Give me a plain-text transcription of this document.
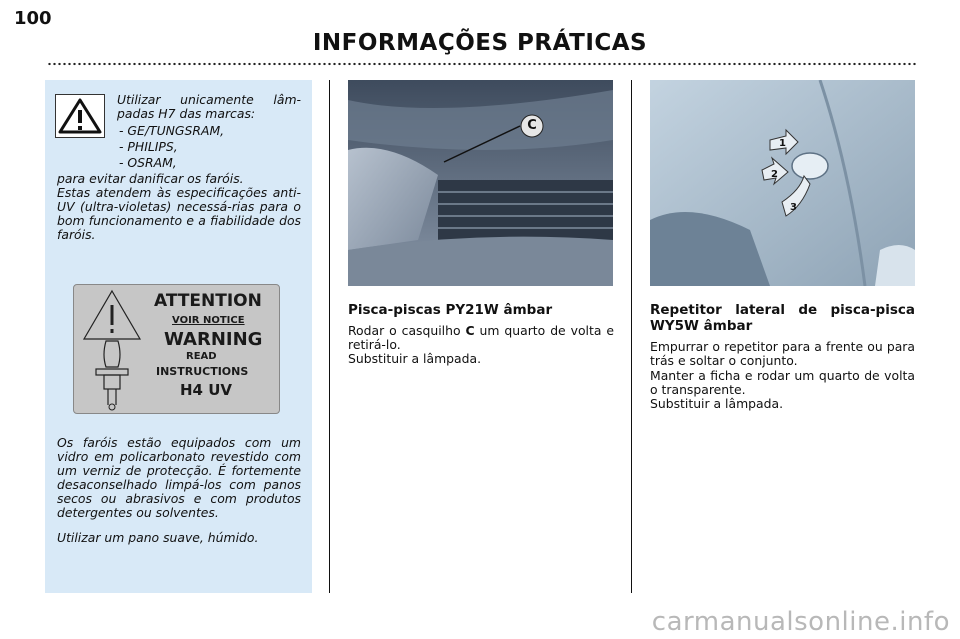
100
INFORMAÇÕES PRÁTICAS
Utilizar unicamente lâm-padas H7 das marcas:
- GE/TUNGSRAM,
- PHILIPS,
- OSRAM,
para evitar danificar os faróis.
Estas atendem às especificações anti-UV (ultra-violetas) necessá-rias para o bom funcionamento e a fiabilidade dos faróis.
ATTENTION
VOIR NOTICE
WARNING
READ
INSTRUCTIONS
H4 UV
Os faróis estão equipados com um vidro em policarbonato revestido com um verniz de protecção. É fortemente desaconselhado limpá-los com panos secos ou abrasivos e com produtos detergentes ou solventes.
Utilizar um pano suave, húmido.
C
Pisca-piscas PY21W âmbar
Rodar o casquilho C um quarto de volta e retirá-lo.
Substituir a lâmpada.
1
2
3
Repetitor lateral de pisca-pisca WY5W âmbar
Empurrar o repetitor para a frente ou para trás e soltar o conjunto.
Manter a ficha e rodar um quarto de volta o transparente.
Substituir a lâmpada.
carmanualsonline.info
